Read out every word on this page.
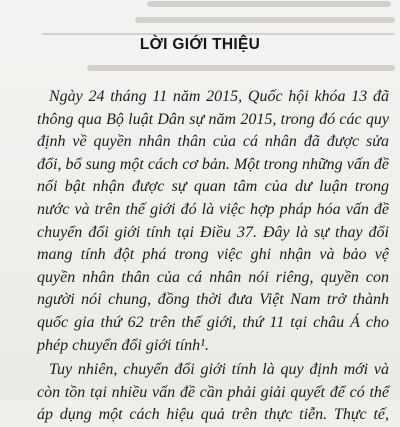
LỜI GIỚI THIỆU

Ngày 24 tháng 11 năm 2015, Quốc hội khóa 13 đã
thông qua Bộ luật Dân sự năm 2015, trong đó các quy
định về quyền nhân thân của cá nhân đã được sửa
đổi, bổ sung một cách cơ bản. Một trong những vấn đề
nổi bật nhận được sự quan tâm của dư luận trong
nước và trên thế giới đó là việc hợp pháp hóa vấn đề
chuyển đổi giới tính tại Điều 37. Đây là sự thay đổi
mang tính đột phá trong việc ghi nhận và bảo vệ
quyền nhân thân của cá nhân nói riêng, quyền con
người nói chung, đồng thời đưa Việt Nam trở thành
quốc gia thứ 62 trên thế giới, thứ 11 tại châu Á cho
phép chuyển đổi giới tính¹.

Tuy nhiên, chuyển đổi giới tính là quy định mới và
còn tồn tại nhiều vấn đề cần phải giải quyết để có thể
áp dụng một cách hiệu quả trên thực tiễn. Thực tế,
